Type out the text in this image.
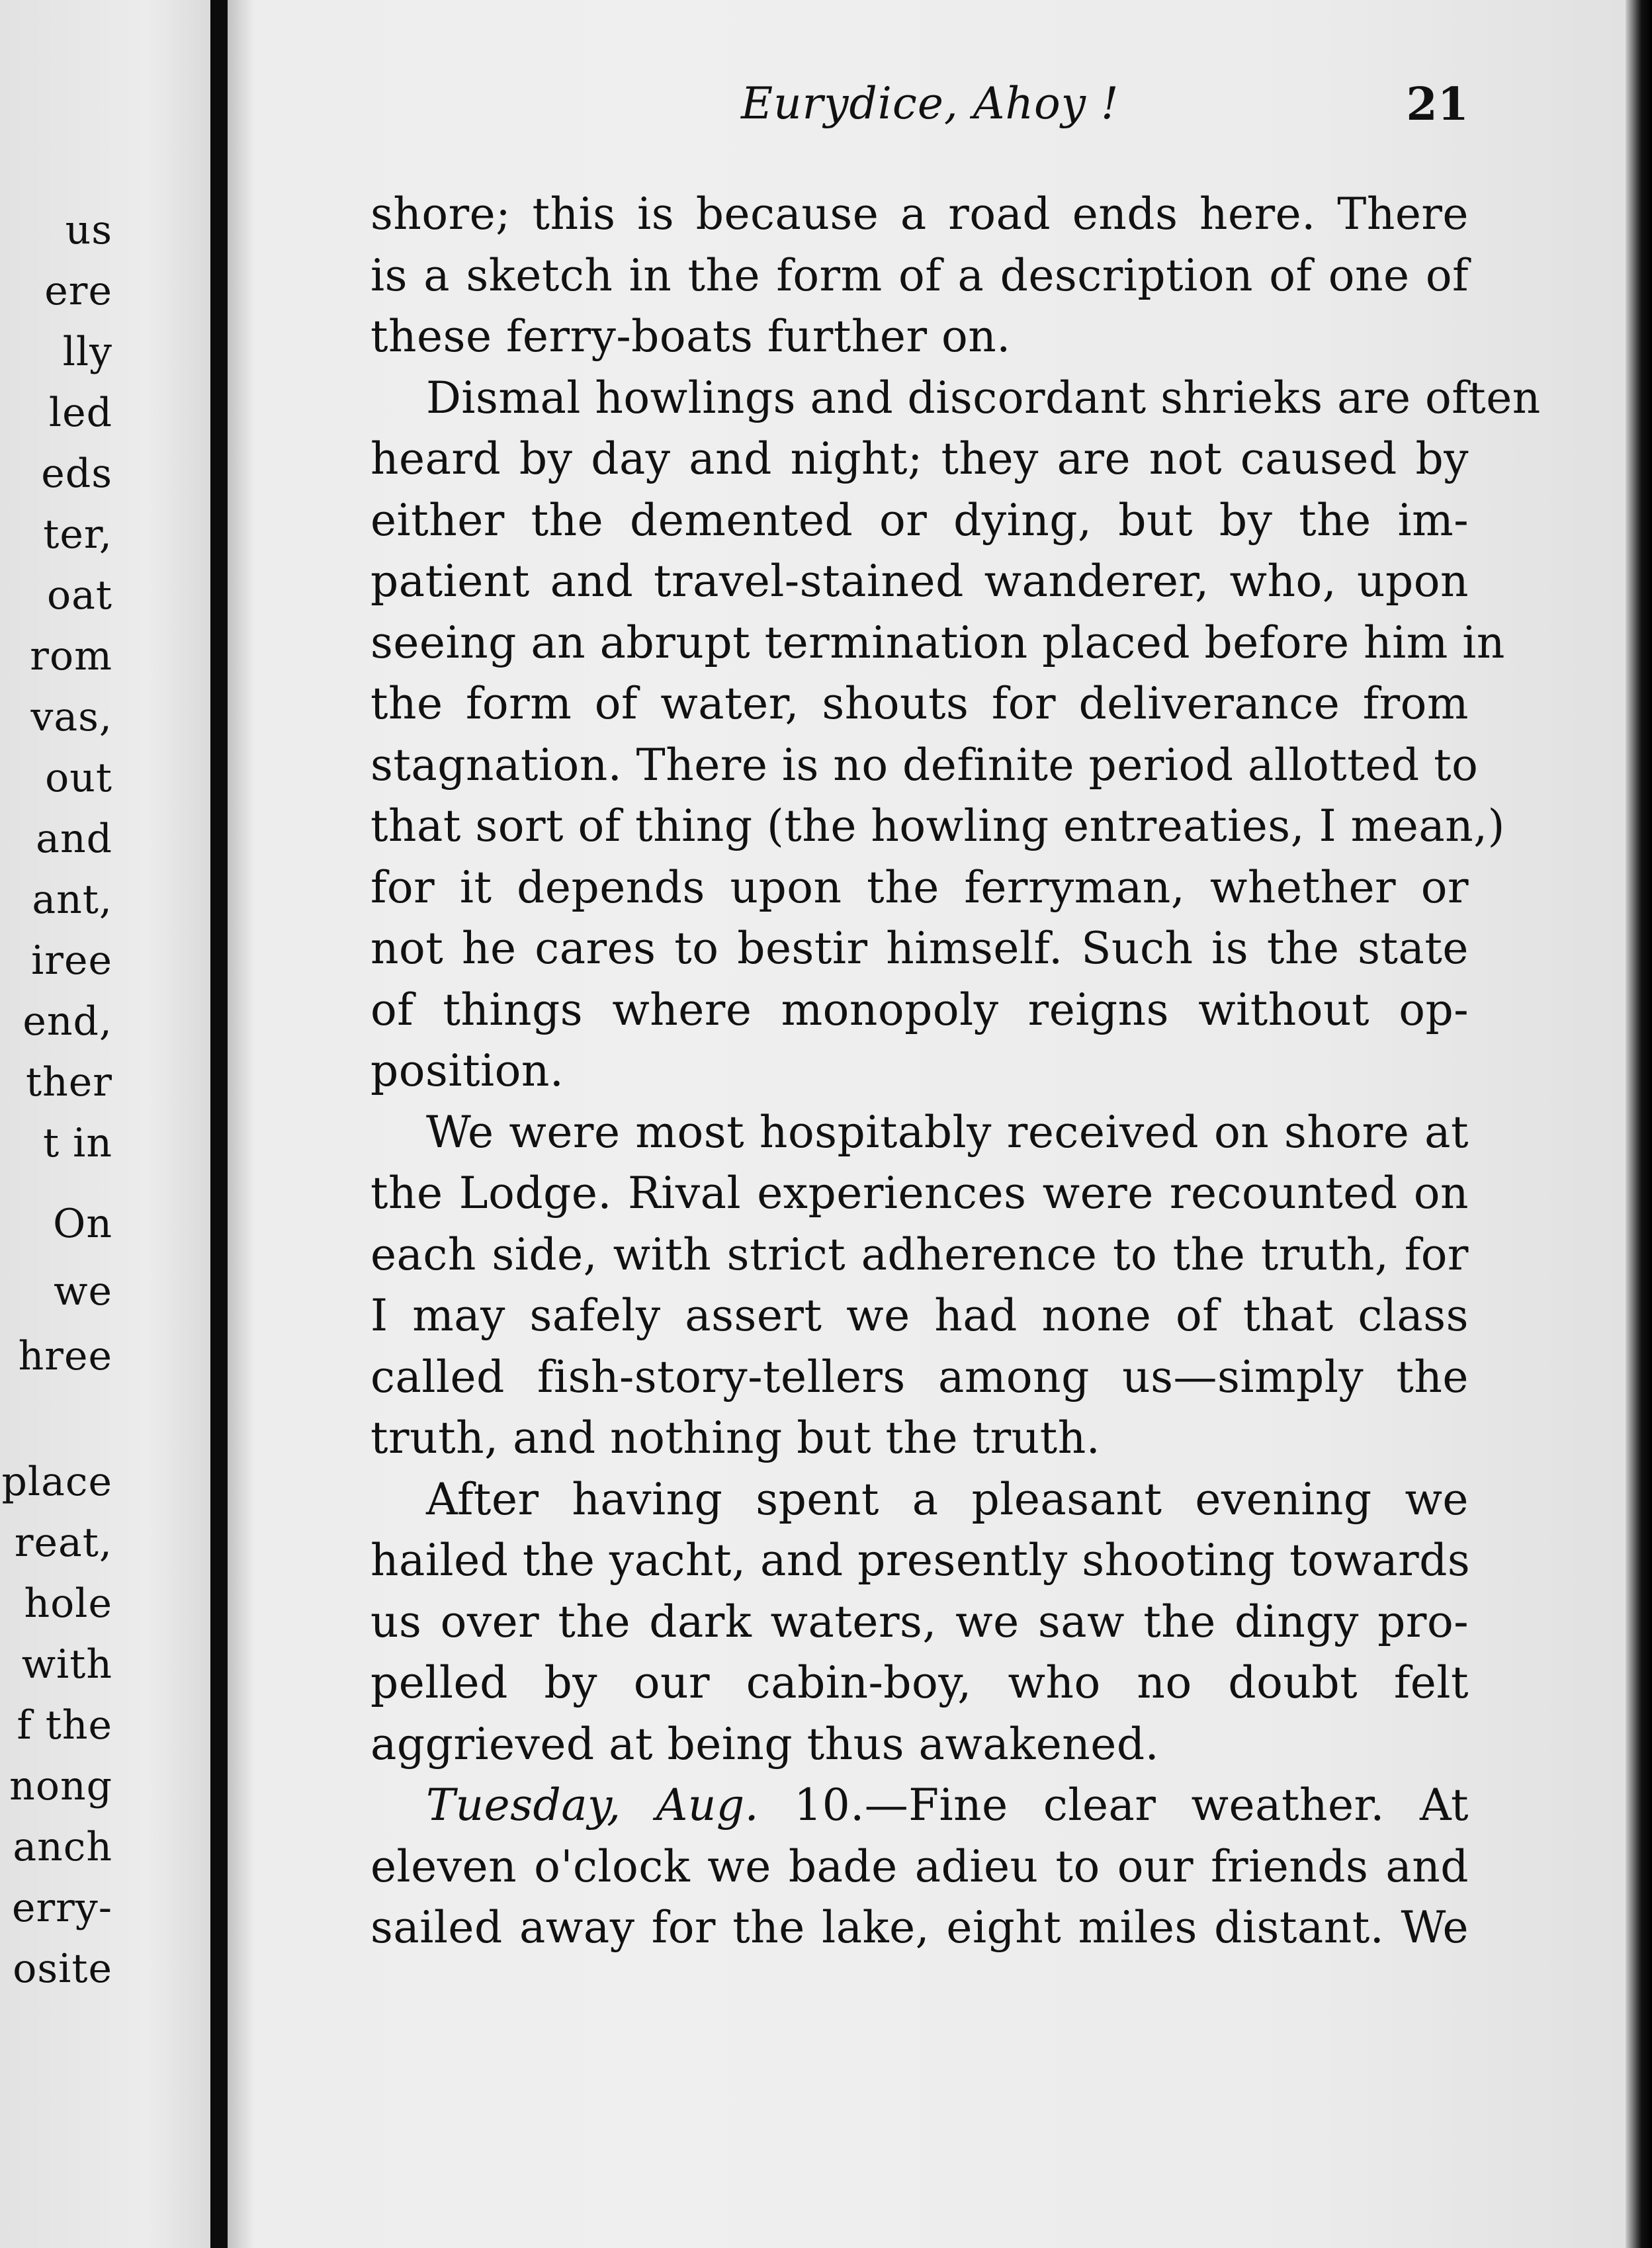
us

ere

lly

led

eds

ter,

oat

rom

vas,

out

and

ant,

iree

end,

ther

t in

On

we

hree

place

reat,

hole

with

f the

nong

anch

erry-

osite

Eurydice, Ahoy !	21
shore; this is because a road ends here. There
is a sketch in the form of a description of one of
these ferry-boats further on.
Dismal howlings and discordant shrieks are often
heard by day and night; they are not caused by
either the demented or dying, but by the im-
patient and travel-stained wanderer, who, upon
seeing an abrupt termination placed before him in
the form of water, shouts for deliverance from
stagnation. There is no definite period allotted to
that sort of thing (the howling entreaties, I mean,)
for it depends upon the ferryman, whether or
not he cares to bestir himself. Such is the state
of things where monopoly reigns without op-
position.
We were most hospitably received on shore at
the Lodge. Rival experiences were recounted on
each side, with strict adherence to the truth, for
I may safely assert we had none of that class
called fish-story-tellers among us—simply the
truth, and nothing but the truth.
After having spent a pleasant evening we
hailed the yacht, and presently shooting towards
us over the dark waters, we saw the dingy pro-
pelled by our cabin-boy, who no doubt felt
aggrieved at being thus awakened.
Tuesday, Aug. 10.—Fine clear weather. At
eleven o'clock we bade adieu to our friends and
sailed away for the lake, eight miles distant. We
